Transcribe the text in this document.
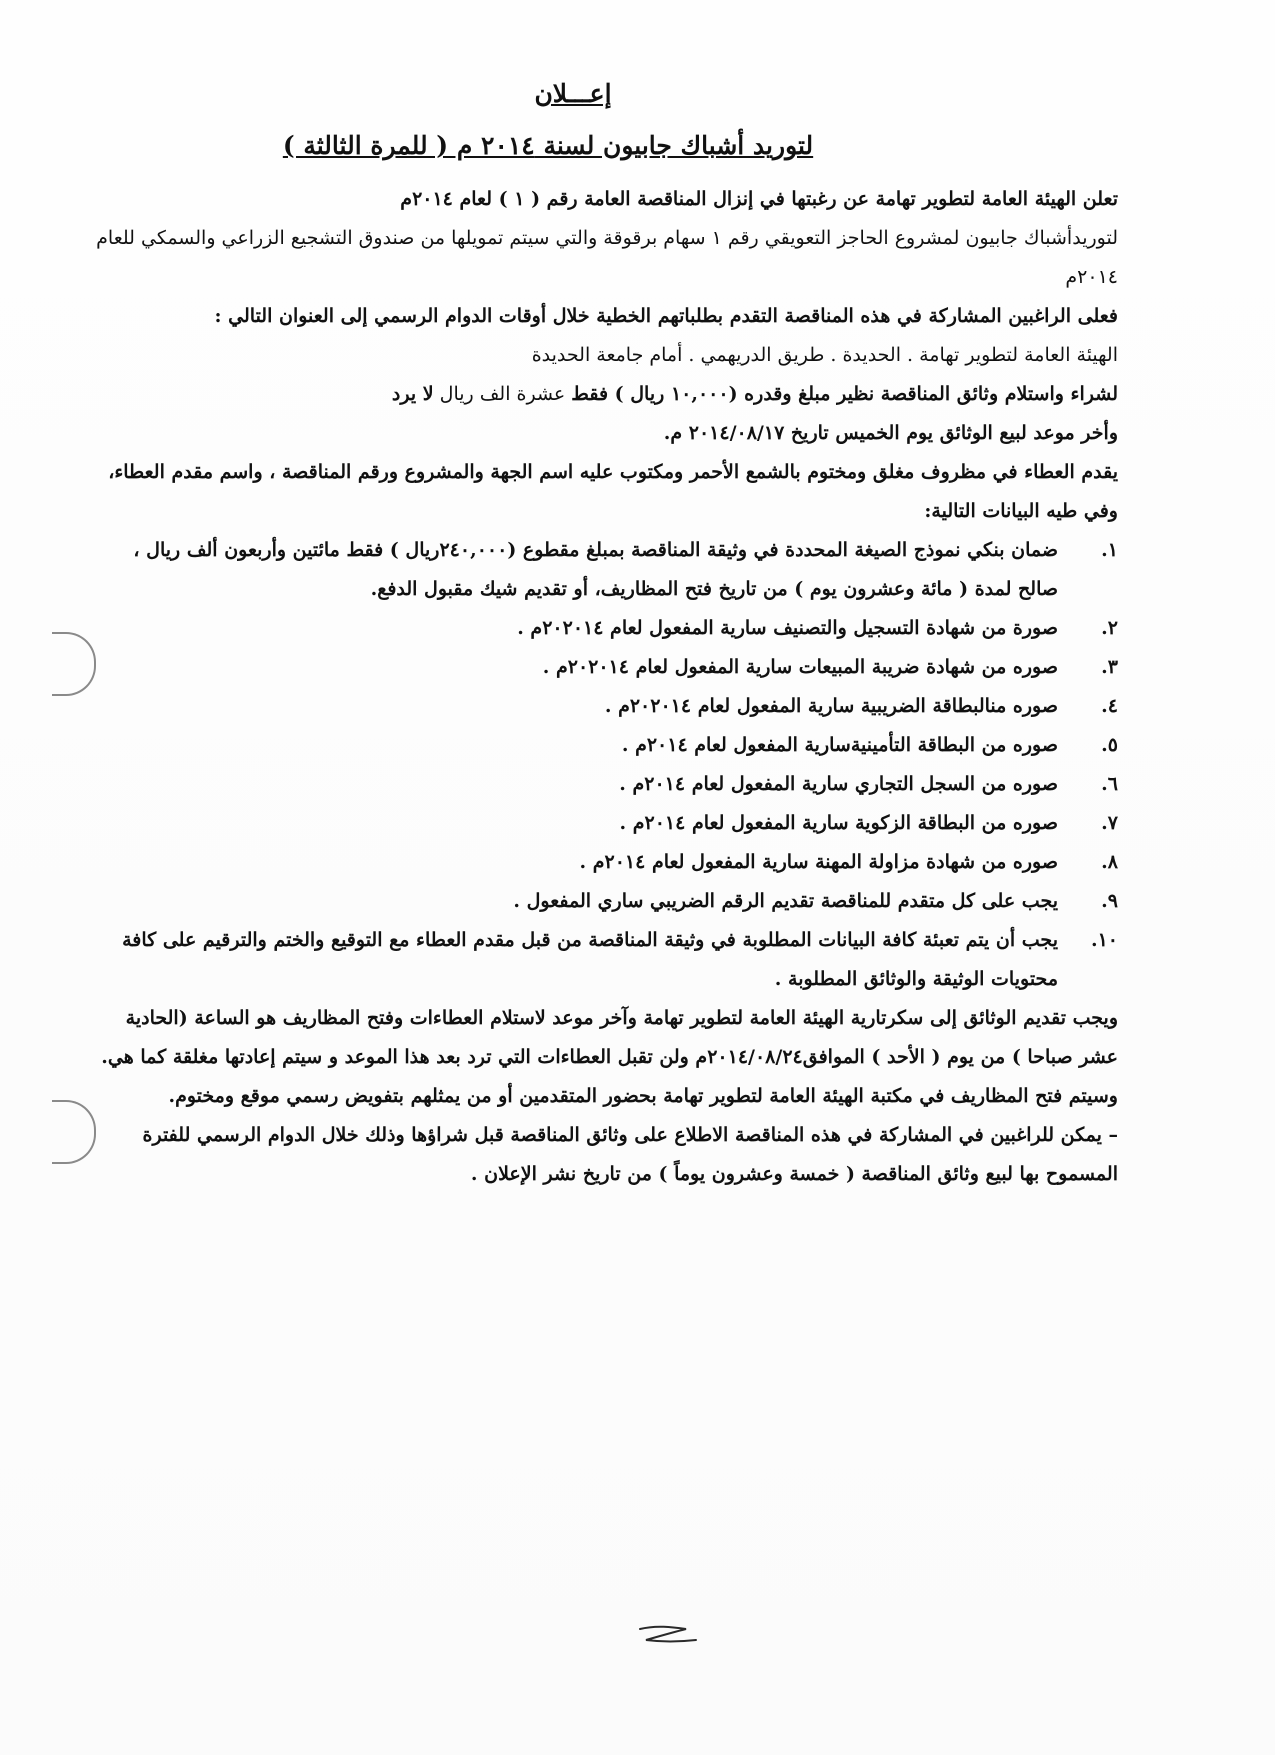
إعـــلان
لتوريد أشباك جابيون لسنة ٢٠١٤ م ( للمرة الثالثة )

تعلن الهيئة العامة لتطوير تهامة عن رغبتها في إنزال المناقصة العامة رقم ( ١ ) لعام ٢٠١٤م

لتوريدأشباك جابيون لمشروع الحاجز التعويقي رقم ١ سهام برقوقة والتي سيتم تمويلها من صندوق التشجيع الزراعي والسمكي للعام ٢٠١٤م

فعلى الراغبين المشاركة في هذه المناقصة التقدم بطلباتهم الخطية خلال أوقات الدوام الرسمي إلى العنوان التالي :

الهيئة العامة لتطوير تهامة . الحديدة . طريق الدريهمي . أمام جامعة الحديدة

لشراء واستلام وثائق المناقصة نظير مبلغ وقدره (١٠,٠٠٠ ريال ) فقط عشرة الف ريال لا يرد

وأخر موعد لبيع الوثائق يوم الخميس تاريخ ٢٠١٤/٠٨/١٧ م.

يقدم العطاء في مظروف مغلق ومختوم بالشمع الأحمر ومكتوب عليه اسم الجهة والمشروع ورقم المناقصة ، واسم مقدم العطاء، وفي طيه البيانات التالية:

١.
ضمان بنكي نموذج الصيغة المحددة في وثيقة المناقصة بمبلغ مقطوع (٢٤٠,٠٠٠ريال ) فقط مائتين وأربعون ألف ريال ، صالح لمدة ( مائة وعشرون يوم ) من تاريخ فتح المظاريف، أو تقديم شيك مقبول الدفع.
٢.
صورة من شهادة التسجيل والتصنيف سارية المفعول لعام ٢٠٢٠١٤م .
٣.
صوره من شهادة ضريبة المبيعات سارية المفعول لعام ٢٠٢٠١٤م .
٤.
صوره منالبطاقة الضريبية سارية المفعول لعام ٢٠٢٠١٤م .
٥.
صوره من البطاقة التأمينيةسارية المفعول لعام ٢٠١٤م .
٦.
صوره من السجل التجاري سارية المفعول لعام ٢٠١٤م .
٧.
صوره من البطاقة الزكوية سارية المفعول لعام ٢٠١٤م .
٨.
صوره من شهادة مزاولة المهنة سارية المفعول لعام ٢٠١٤م .
٩.
يجب على كل متقدم للمناقصة تقديم الرقم الضريبي ساري المفعول .
١٠.
يجب أن يتم تعبئة كافة البيانات المطلوبة في وثيقة المناقصة من قبل مقدم العطاء مع التوقيع والختم والترقيم على كافة محتويات الوثيقة والوثائق المطلوبة .

ويجب تقديم الوثائق إلى سكرتارية الهيئة العامة لتطوير تهامة وآخر موعد لاستلام العطاءات وفتح المظاريف هو الساعة (الحادية عشر صباحا ) من يوم ( الأحد ) الموافق٢٠١٤/٠٨/٢٤م ولن تقبل العطاءات التي ترد بعد هذا الموعد و سيتم إعادتها مغلقة كما هي.

وسيتم فتح المظاريف في مكتبة الهيئة العامة لتطوير تهامة بحضور المتقدمين أو من يمثلهم بتفويض رسمي موقع ومختوم.

– يمكن للراغبين في المشاركة في هذه المناقصة الاطلاع على وثائق المناقصة قبل شراؤها وذلك خلال الدوام الرسمي للفترة المسموح بها لبيع وثائق المناقصة ( خمسة وعشرون يوماً ) من تاريخ نشر الإعلان .
